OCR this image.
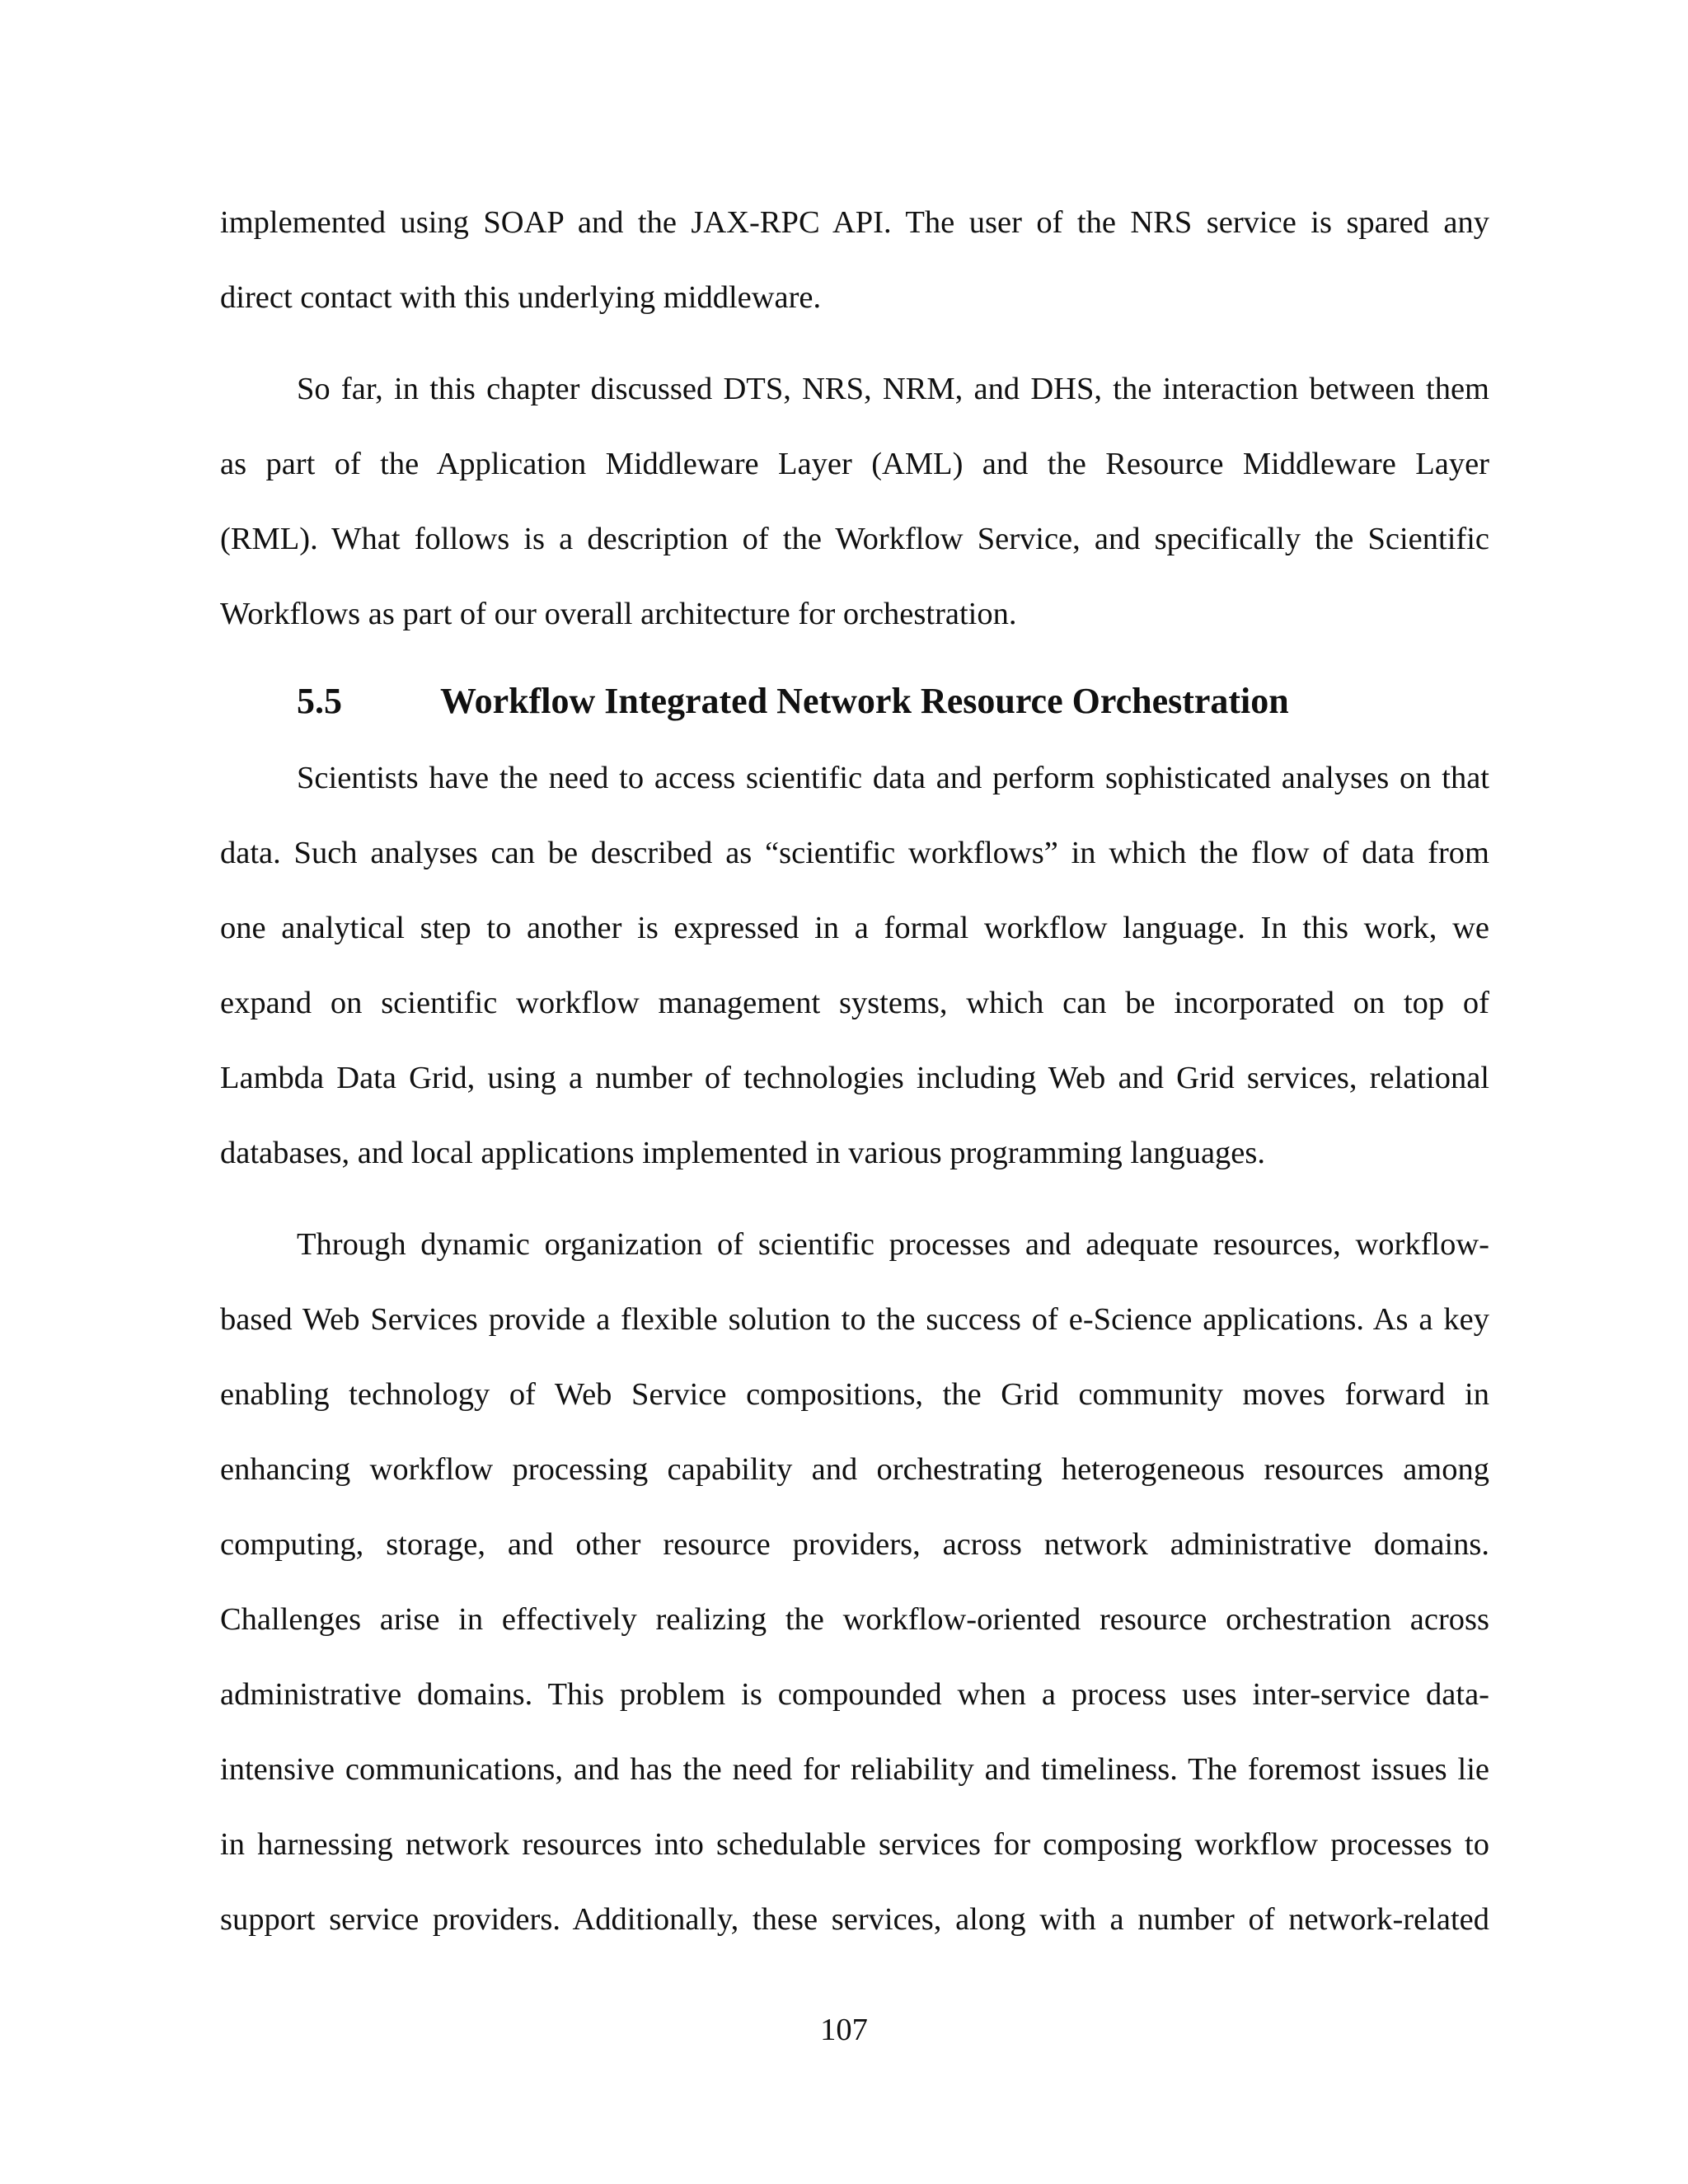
implemented using SOAP and the JAX-RPC API. The user of the NRS service is spared any
direct contact with this underlying middleware.

So far, in this chapter discussed DTS, NRS, NRM, and DHS, the interaction between them
as part of the Application Middleware Layer (AML) and the Resource Middleware Layer
(RML). What follows is a description of the Workflow Service, and specifically the Scientific
Workflows as part of our overall architecture for orchestration.

5.5	Workflow Integrated Network Resource Orchestration

Scientists have the need to access scientific data and perform sophisticated analyses on that
data. Such analyses can be described as “scientific workflows” in which the flow of data from
one analytical step to another is expressed in a formal workflow language. In this work, we
expand on scientific workflow management systems, which can be incorporated on top of
Lambda Data Grid, using a number of technologies including Web and Grid services, relational
databases, and local applications implemented in various programming languages.

Through dynamic organization of scientific processes and adequate resources, workflow-
based Web Services provide a flexible solution to the success of e-Science applications. As a key
enabling technology of Web Service compositions, the Grid community moves forward in
enhancing workflow processing capability and orchestrating heterogeneous resources among
computing, storage, and other resource providers, across network administrative domains.
Challenges arise in effectively realizing the workflow-oriented resource orchestration across
administrative domains. This problem is compounded when a process uses inter-service data-
intensive communications, and has the need for reliability and timeliness. The foremost issues lie
in harnessing network resources into schedulable services for composing workflow processes to
support service providers. Additionally, these services, along with a number of network-related

107
